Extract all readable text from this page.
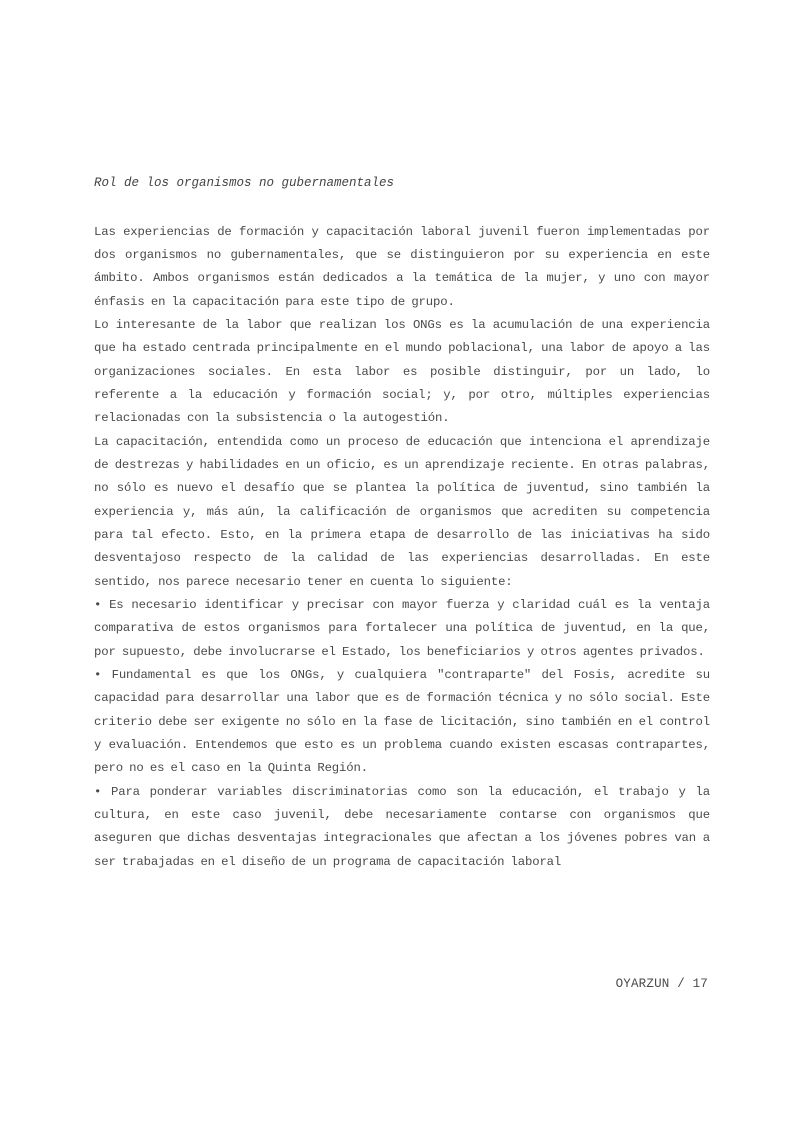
Rol de los organismos no gubernamentales

Las experiencias de formación y capacitación laboral juvenil fueron implementadas por dos organismos no gubernamentales, que se distinguieron por su experiencia en este ámbito. Ambos organismos están dedicados a la temática de la mujer, y uno con mayor énfasis en la capacitación para este tipo de grupo.

Lo interesante de la labor que realizan los ONGs es la acumulación de una experiencia que ha estado centrada principalmente en el mundo poblacional, una labor de apoyo a las organizaciones sociales. En esta labor es posible distinguir, por un lado, lo referente a la educación y formación social; y, por otro, múltiples experiencias relacionadas con la subsistencia o la autogestión.

La capacitación, entendida como un proceso de educación que intenciona el aprendizaje de destrezas y habilidades en un oficio, es un aprendizaje reciente. En otras palabras, no sólo es nuevo el desafío que se plantea la política de juventud, sino también la experiencia y, más aún, la calificación de organismos que acrediten su competencia para tal efecto. Esto, en la primera etapa de desarrollo de las iniciativas ha sido desventajoso respecto de la calidad de las experiencias desarrolladas. En este sentido, nos parece necesario tener en cuenta lo siguiente:

• Es necesario identificar y precisar con mayor fuerza y claridad cuál es la ventaja comparativa de estos organismos para fortalecer una política de juventud, en la que, por supuesto, debe involucrarse el Estado, los beneficiarios y otros agentes privados.

• Fundamental es que los ONGs, y cualquiera "contraparte" del Fosis, acredite su capacidad para desarrollar una labor que es de formación técnica y no sólo social. Este criterio debe ser exigente no sólo en la fase de licitación, sino también en el control y evaluación. Entendemos que esto es un problema cuando existen escasas contrapartes, pero no es el caso en la Quinta Región.

• Para ponderar variables discriminatorias como son la educación, el trabajo y la cultura, en este caso juvenil, debe necesariamente contarse con organismos que aseguren que dichas desventajas integracionales que afectan a los jóvenes pobres van a ser trabajadas en el diseño de un programa de capacitación laboral

OYARZUN / 17
